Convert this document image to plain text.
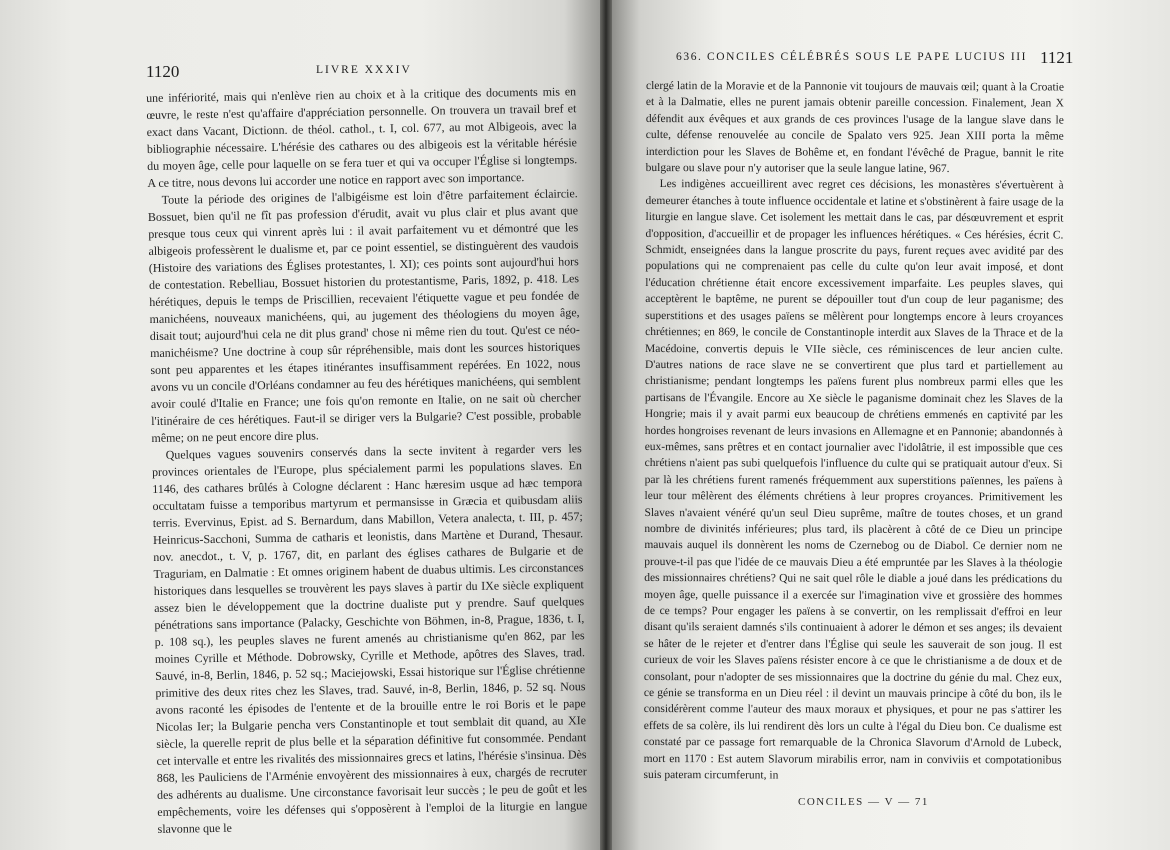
1120	LIVRE XXXIV

une infériorité, mais qui n'enlève rien au choix et à la critique des documents mis en œuvre, le reste n'est qu'affaire d'appréciation personnelle. On trouvera un travail bref et exact dans Vacant, Dictionn. de théol. cathol., t. I, col. 677, au mot Albigeois, avec la bibliographie nécessaire. L'hérésie des cathares ou des albigeois est la véritable hérésie du moyen âge, celle pour laquelle on se fera tuer et qui va occuper l'Église si longtemps. A ce titre, nous devons lui accorder une notice en rapport avec son importance.

Toute la période des origines de l'albigéisme est loin d'être parfaitement éclaircie. Bossuet, bien qu'il ne fît pas profession d'érudit, avait vu plus clair et plus avant que presque tous ceux qui vinrent après lui : il avait parfaitement vu et démontré que les albigeois professèrent le dualisme et, par ce point essentiel, se distinguèrent des vaudois (Histoire des variations des Églises protestantes, l. XI); ces points sont aujourd'hui hors de contestation. Rebelliau, Bossuet historien du protestantisme, Paris, 1892, p. 418. Les hérétiques, depuis le temps de Priscillien, recevaient l'étiquette vague et peu fondée de manichéens, nouveaux manichéens, qui, au jugement des théologiens du moyen âge, disait tout; aujourd'hui cela ne dit plus grand' chose ni même rien du tout. Qu'est ce néo-manichéisme? Une doctrine à coup sûr répréhensible, mais dont les sources historiques sont peu apparentes et les étapes itinérantes insuffisamment repérées. En 1022, nous avons vu un concile d'Orléans condamner au feu des hérétiques manichéens, qui semblent avoir coulé d'Italie en France; une fois qu'on remonte en Italie, on ne sait où chercher l'itinéraire de ces hérétiques. Faut-il se diriger vers la Bulgarie? C'est possible, probable même; on ne peut encore dire plus.

Quelques vagues souvenirs conservés dans la secte invitent à regarder vers les provinces orientales de l'Europe, plus spécialement parmi les populations slaves. En 1146, des cathares brûlés à Cologne déclarent : Hanc hæresim usque ad hæc tempora occultatam fuisse a temporibus martyrum et permansisse in Græcia et quibusdam aliis terris. Evervinus, Epist. ad S. Bernardum, dans Mabillon, Vetera analecta, t. III, p. 457; Heinricus-Sacchoni, Summa de catharis et leonistis, dans Martène et Durand, Thesaur. nov. anecdot., t. V, p. 1767, dit, en parlant des églises cathares de Bulgarie et de Traguriam, en Dalmatie : Et omnes originem habent de duabus ultimis. Les circonstances historiques dans lesquelles se trouvèrent les pays slaves à partir du IXe siècle expliquent assez bien le développement que la doctrine dualiste put y prendre. Sauf quelques pénétrations sans importance (Palacky, Geschichte von Böhmen, in-8, Prague, 1836, t. I, p. 108 sq.), les peuples slaves ne furent amenés au christianisme qu'en 862, par les moines Cyrille et Méthode. Dobrowsky, Cyrille et Methode, apôtres des Slaves, trad. Sauvé, in-8, Berlin, 1846, p. 52 sq.; Maciejowski, Essai historique sur l'Église chrétienne primitive des deux rites chez les Slaves, trad. Sauvé, in-8, Berlin, 1846, p. 52 sq. Nous avons raconté les épisodes de l'entente et de la brouille entre le roi Boris et le pape Nicolas Ier; la Bulgarie pencha vers Constantinople et tout semblait dit quand, au XIe siècle, la querelle reprit de plus belle et la séparation définitive fut consommée. Pendant cet intervalle et entre les rivalités des missionnaires grecs et latins, l'hérésie s'insinua. Dès 868, les Pauliciens de l'Arménie envoyèrent des missionnaires à eux, chargés de recruter des adhérents au dualisme. Une circonstance favorisait leur succès ; le peu de goût et les empêchements, voire les défenses qui s'opposèrent à l'emploi de la liturgie en langue slavonne que le

636. CONCILES CÉLÉBRÉS SOUS LE PAPE LUCIUS III 1121

clergé latin de la Moravie et de la Pannonie vit toujours de mauvais œil; quant à la Croatie et à la Dalmatie, elles ne purent jamais obtenir pareille concession. Finalement, Jean X défendit aux évêques et aux grands de ces provinces l'usage de la langue slave dans le culte, défense renouvelée au concile de Spalato vers 925. Jean XIII porta la même interdiction pour les Slaves de Bohême et, en fondant l'évêché de Prague, bannit le rite bulgare ou slave pour n'y autoriser que la seule langue latine, 967.

Les indigènes accueillirent avec regret ces décisions, les monastères s'évertuèrent à demeurer étanches à toute influence occidentale et latine et s'obstinèrent à faire usage de la liturgie en langue slave. Cet isolement les mettait dans le cas, par désœuvrement et esprit d'opposition, d'accueillir et de propager les influences hérétiques. « Ces hérésies, écrit C. Schmidt, enseignées dans la langue proscrite du pays, furent reçues avec avidité par des populations qui ne comprenaient pas celle du culte qu'on leur avait imposé, et dont l'éducation chrétienne était encore excessivement imparfaite. Les peuples slaves, qui acceptèrent le baptême, ne purent se dépouiller tout d'un coup de leur paganisme; des superstitions et des usages païens se mêlèrent pour longtemps encore à leurs croyances chrétiennes; en 869, le concile de Constantinople interdit aux Slaves de la Thrace et de la Macédoine, convertis depuis le VIIe siècle, ces réminiscences de leur ancien culte. D'autres nations de race slave ne se convertirent que plus tard et partiellement au christianisme; pendant longtemps les païens furent plus nombreux parmi elles que les partisans de l'Évangile. Encore au Xe siècle le paganisme dominait chez les Slaves de la Hongrie; mais il y avait parmi eux beaucoup de chrétiens emmenés en captivité par les hordes hongroises revenant de leurs invasions en Allemagne et en Pannonie; abandonnés à eux-mêmes, sans prêtres et en contact journalier avec l'idolâtrie, il est impossible que ces chrétiens n'aient pas subi quelquefois l'influence du culte qui se pratiquait autour d'eux. Si par là les chrétiens furent ramenés fréquemment aux superstitions païennes, les païens à leur tour mêlèrent des éléments chrétiens à leur propres croyances. Primitivement les Slaves n'avaient vénéré qu'un seul Dieu suprême, maître de toutes choses, et un grand nombre de divinités inférieures; plus tard, ils placèrent à côté de ce Dieu un principe mauvais auquel ils donnèrent les noms de Czernebog ou de Diabol. Ce dernier nom ne prouve-t-il pas que l'idée de ce mauvais Dieu a été empruntée par les Slaves à la théologie des missionnaires chrétiens? Qui ne sait quel rôle le diable a joué dans les prédications du moyen âge, quelle puissance il a exercée sur l'imagination vive et grossière des hommes de ce temps? Pour engager les païens à se convertir, on les remplissait d'effroi en leur disant qu'ils seraient damnés s'ils continuaient à adorer le démon et ses anges; ils devaient se hâter de le rejeter et d'entrer dans l'Église qui seule les sauverait de son joug. Il est curieux de voir les Slaves païens résister encore à ce que le christianisme a de doux et de consolant, pour n'adopter de ses missionnaires que la doctrine du génie du mal. Chez eux, ce génie se transforma en un Dieu réel : il devint un mauvais principe à côté du bon, ils le considérèrent comme l'auteur des maux moraux et physiques, et pour ne pas s'attirer les effets de sa colère, ils lui rendirent dès lors un culte à l'égal du Dieu bon. Ce dualisme est constaté par ce passage fort remarquable de la Chronica Slavorum d'Arnold de Lubeck, mort en 1170 : Est autem Slavorum mirabilis error, nam in conviviis et compotationibus suis pateram circumferunt, in

CONCILES — V — 71
